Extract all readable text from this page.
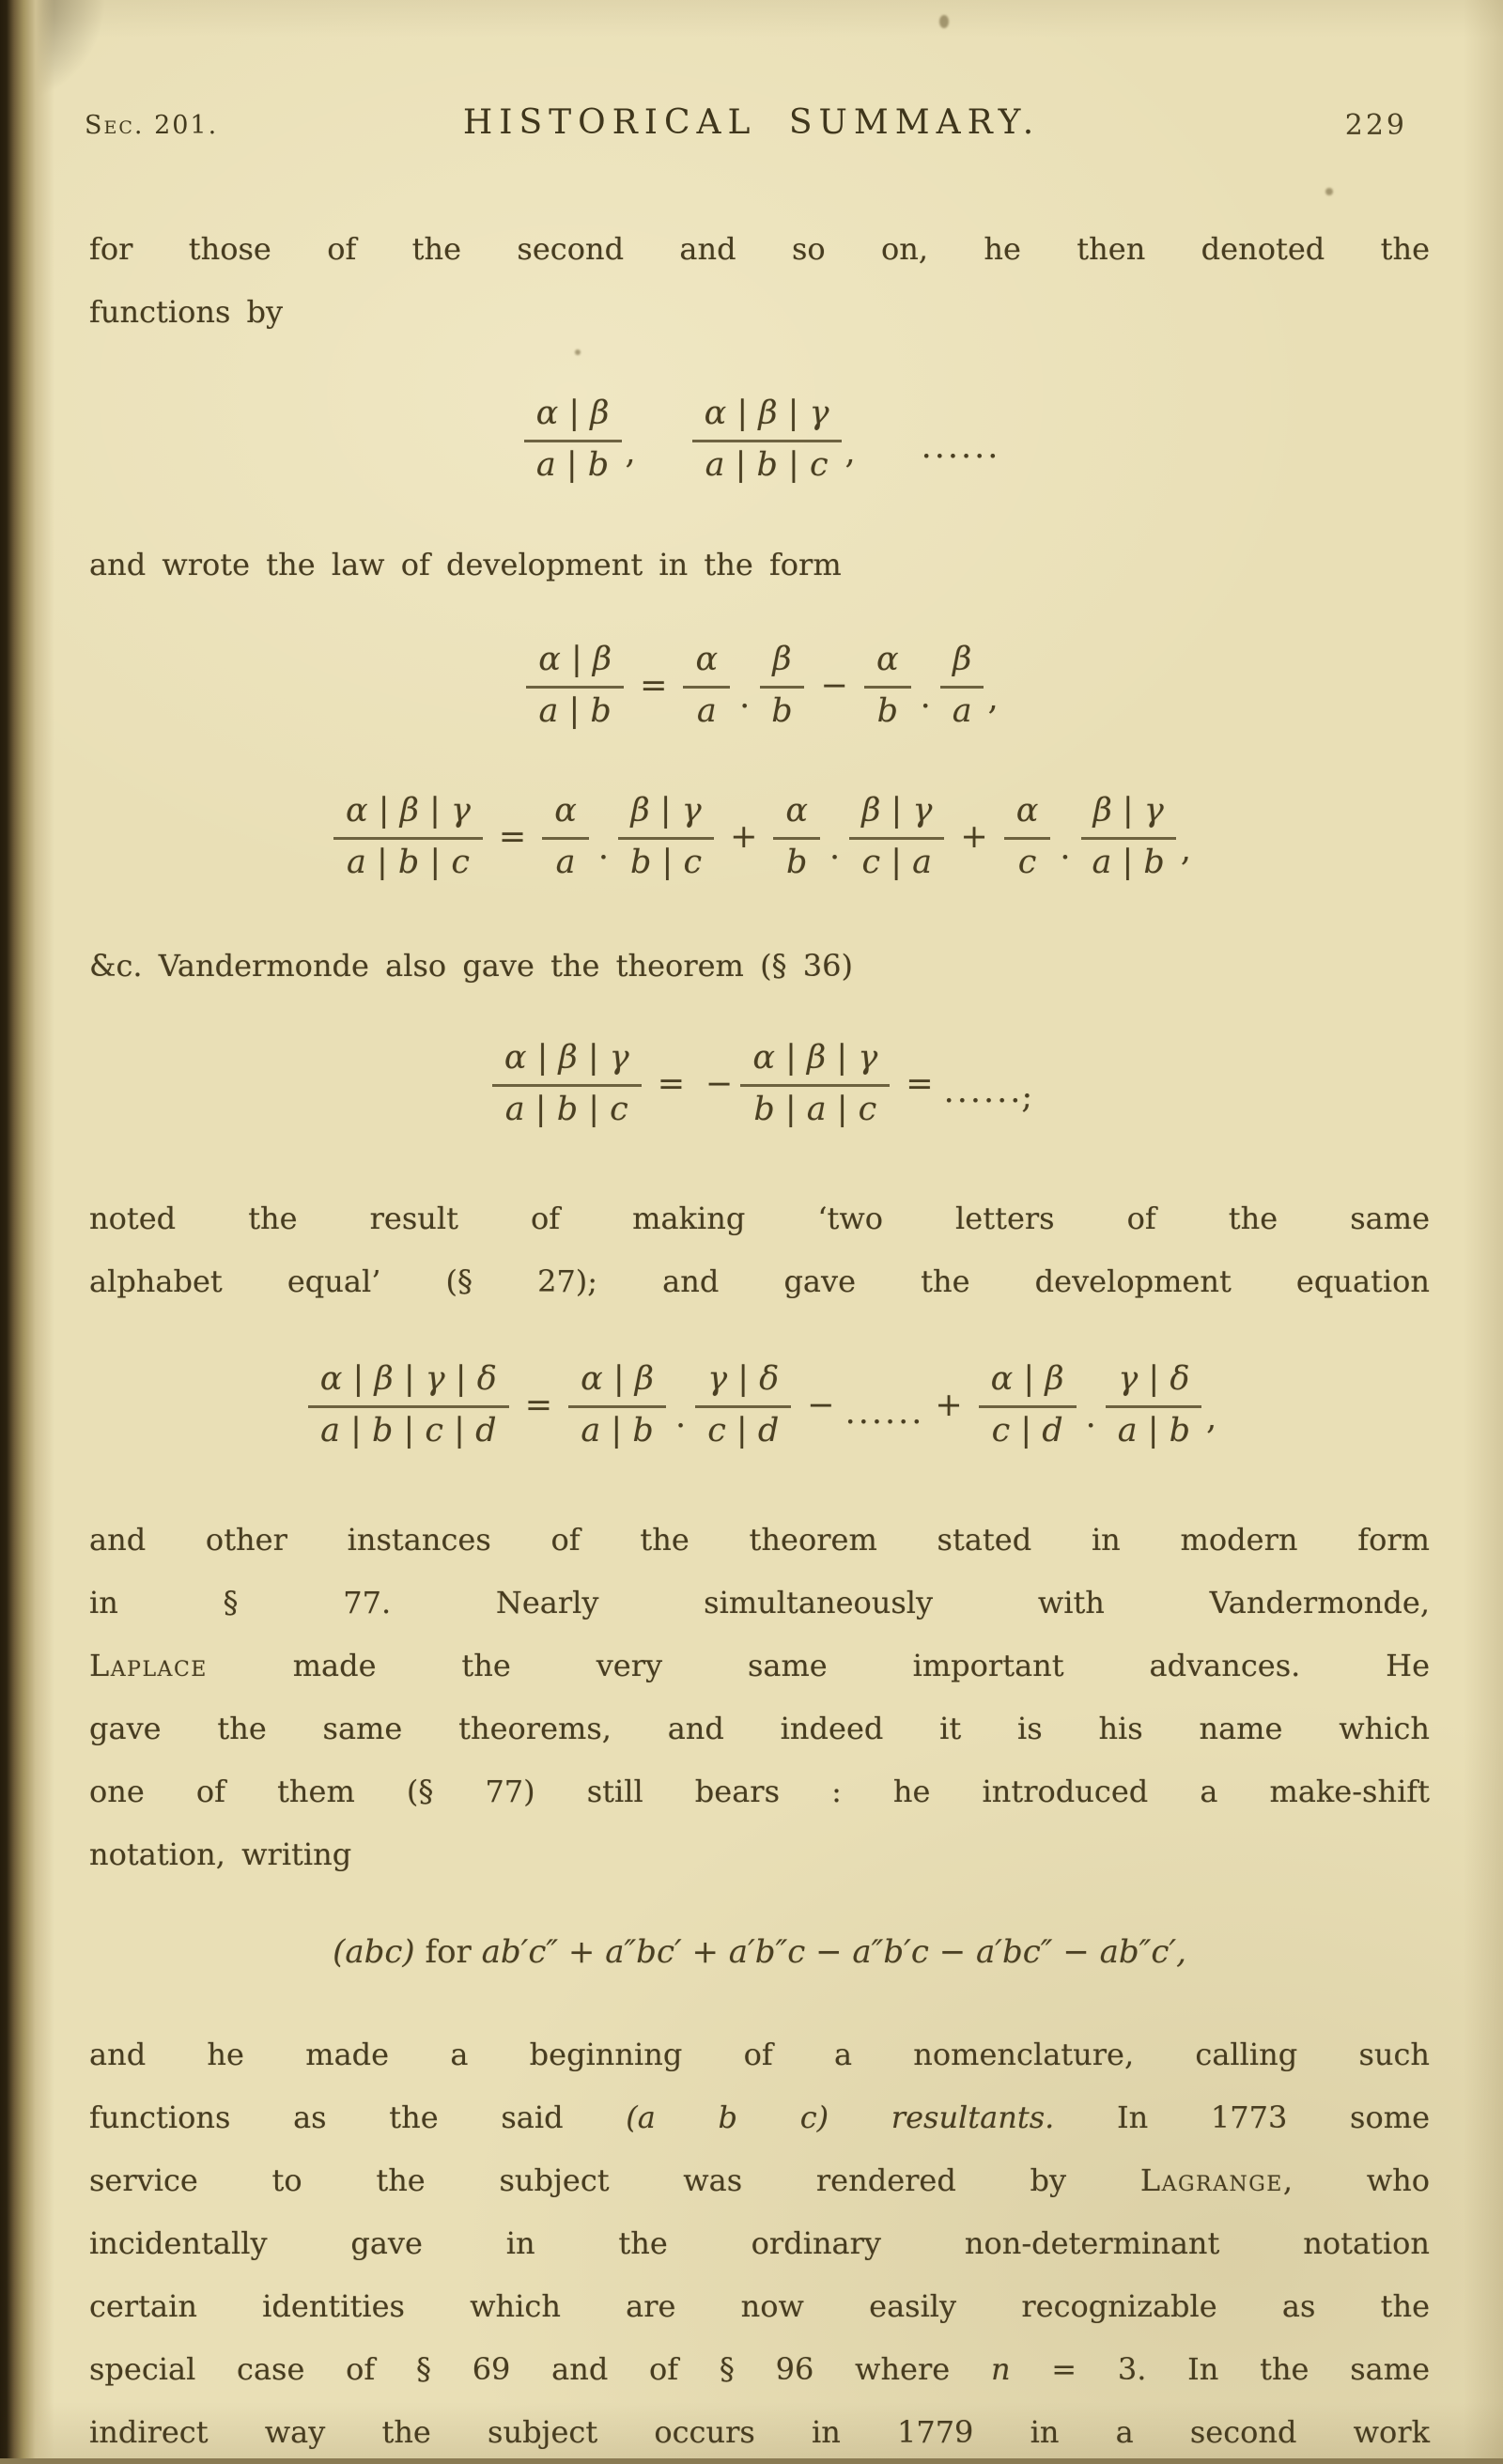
Sec. 201.	HISTORICAL SUMMARY.	229
for those of the second and so on, he then denoted the
functions by
$\frac{\alpha | \beta}{a | b}$ , $\frac{\alpha | \beta | \gamma}{a | b | c}$ , ......
and wrote the law of development in the form
$\frac{\alpha | \beta}{a | b} = \frac{\alpha}{a}$ . $\frac{\beta}{b} - \frac{\alpha}{b}$ . $\frac{\beta}{a}$ ,
$\frac{\alpha | \beta | \gamma}{a | b | c} = \frac{\alpha}{a}$ . $\frac{\beta | \gamma}{b | c} + \frac{\alpha}{b}$ . $\frac{\beta | \gamma}{c | a} + \frac{\alpha}{c}$ . $\frac{\beta | \gamma}{a | b}$ ,
&c. Vandermonde also gave the theorem (§ 36)
$\frac{\alpha | \beta | \gamma}{a | b | c}$ = − $\frac{\alpha | \beta | \gamma}{b | a | c}$ = ......
;
noted the result of making ‘two letters of the same
alphabet equal’ (§ 27); and gave the development equation
$\frac{\alpha | \beta | \gamma | \delta}{a | b | c | d} = \frac{\alpha | \beta}{a | b}$ . $\frac{\gamma | \delta}{c | d}$ − ...... + $\frac{\alpha | \beta}{c | d}$ . $\frac{\gamma | \delta}{a | b}$ ,
and other instances of the theorem stated in modern form
in § 77. Nearly simultaneously with Vandermonde,
Laplace made the very same important advances. He
gave the same theorems, and indeed it is his name which
one of them (§ 77) still bears : he introduced a make-shift
notation, writing
(abc) for ab′c″ + a″bc′ + a′b″c − a″b′c − a′bc″ − ab″c′,
and he made a beginning of a nomenclature, calling such
functions as the said (a b c) resultants. In 1773 some
service to the subject was rendered by Lagrange, who
incidentally gave in the ordinary non-determinant notation
certain identities which are now easily recognizable as the
special case of § 69 and of § 96 where n = 3. In the same
indirect way the subject occurs in 1779 in a second work
